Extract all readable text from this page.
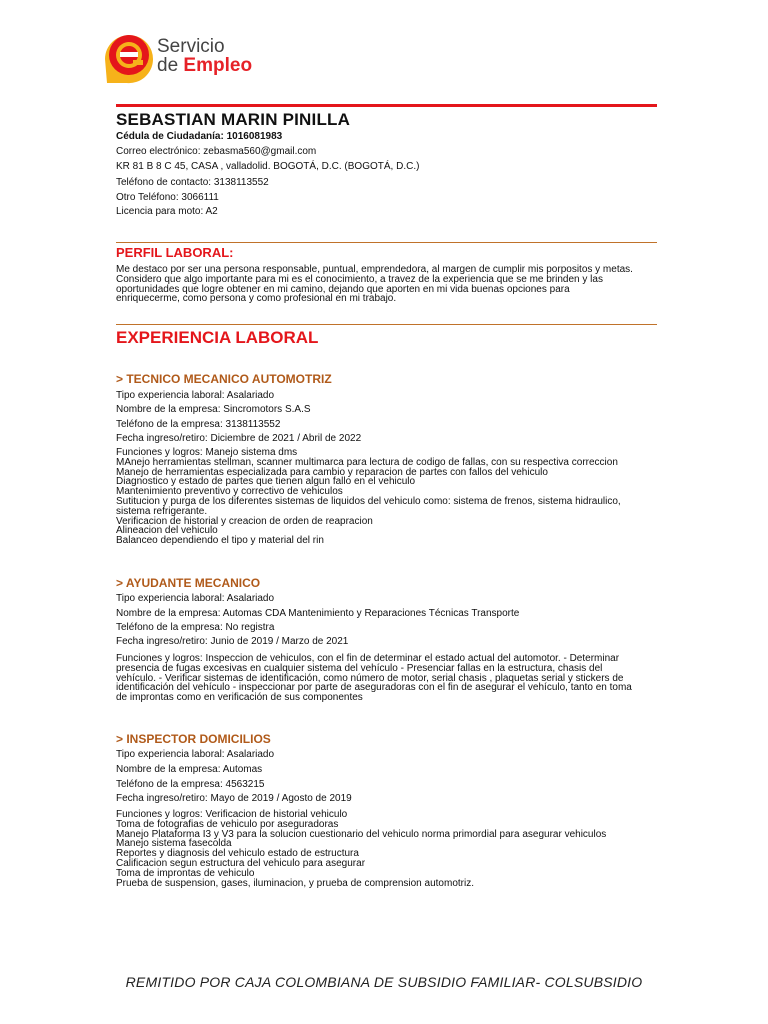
Servicio
de Empleo
SEBASTIAN MARIN PINILLA
Cédula de Ciudadanía: 1016081983
Correo electrónico: zebasma560@gmail.com
KR 81 B 8 C 45, CASA , valladolid. BOGOTÁ, D.C. (BOGOTÁ, D.C.)
Teléfono de contacto: 3138113552
Otro Teléfono: 3066111
Licencia para moto: A2
PERFIL LABORAL:
Me destaco por ser una persona responsable, puntual, emprendedora, al margen de cumplir mis porpositos y metas.
Considero que algo importante para mi es el conocimiento, a travez de la experiencia que se me brinden y las
oportunidades que logre obtener en mi camino, dejando que aporten en mi vida buenas opciones para
enriquecerme, como persona y como profesional en mi trabajo.
EXPERIENCIA LABORAL
> TECNICO MECANICO AUTOMOTRIZ
Tipo experiencia laboral: Asalariado
Nombre de la empresa: Sincromotors S.A.S
Teléfono de la empresa: 3138113552
Fecha ingreso/retiro: Diciembre de 2021 / Abril de 2022
Funciones y logros: Manejo sistema dms
MAnejo herramientas stellman, scanner multimarca para lectura de codigo de fallas, con su respectiva correccion
Manejo de herramientas especializada para cambio y reparacion de partes con fallos del vehiculo
Diagnostico y estado de partes que tienen algun fallo en el vehiculo
Mantenimiento preventivo y correctivo de vehiculos
Sutitucion y purga de los diferentes sistemas de liquidos del vehiculo como: sistema de frenos, sistema hidraulico,
sistema refrigerante.
Verificacion de historial y creacion de orden de reapracion
Alineacion del vehiculo
Balanceo dependiendo el tipo y material del rin
> AYUDANTE MECANICO
Tipo experiencia laboral: Asalariado
Nombre de la empresa: Automas CDA Mantenimiento y Reparaciones Técnicas Transporte
Teléfono de la empresa: No registra
Fecha ingreso/retiro: Junio de 2019 / Marzo de 2021
Funciones y logros: Inspeccion de vehiculos, con el fin de determinar el estado actual del automotor. - Determinar
presencia de fugas excesivas en cualquier sistema del vehículo - Presenciar fallas en la estructura, chasis del
vehículo. - Verificar sistemas de identificación, como número de motor, serial chasis , plaquetas serial y stickers de
identificación del vehículo - inspeccionar por parte de aseguradoras con el fin de asegurar el vehículo, tanto en toma
de improntas como en verificación de sus componentes
> INSPECTOR DOMICILIOS
Tipo experiencia laboral: Asalariado
Nombre de la empresa: Automas
Teléfono de la empresa: 4563215
Fecha ingreso/retiro: Mayo de 2019 / Agosto de 2019
Funciones y logros: Verificacion de historial vehiculo
Toma de fotografias de vehiculo por aseguradoras
Manejo Plataforma I3 y V3 para la solucion cuestionario del vehiculo norma primordial para asegurar vehiculos
Manejo sistema fasecolda
Reportes y diagnosis del vehiculo estado de estructura
Calificacion segun estructura del vehiculo para asegurar
Toma de improntas de vehiculo
Prueba de suspension, gases, iluminacion, y prueba de comprension automotriz.
REMITIDO POR CAJA COLOMBIANA DE SUBSIDIO FAMILIAR- COLSUBSIDIO
